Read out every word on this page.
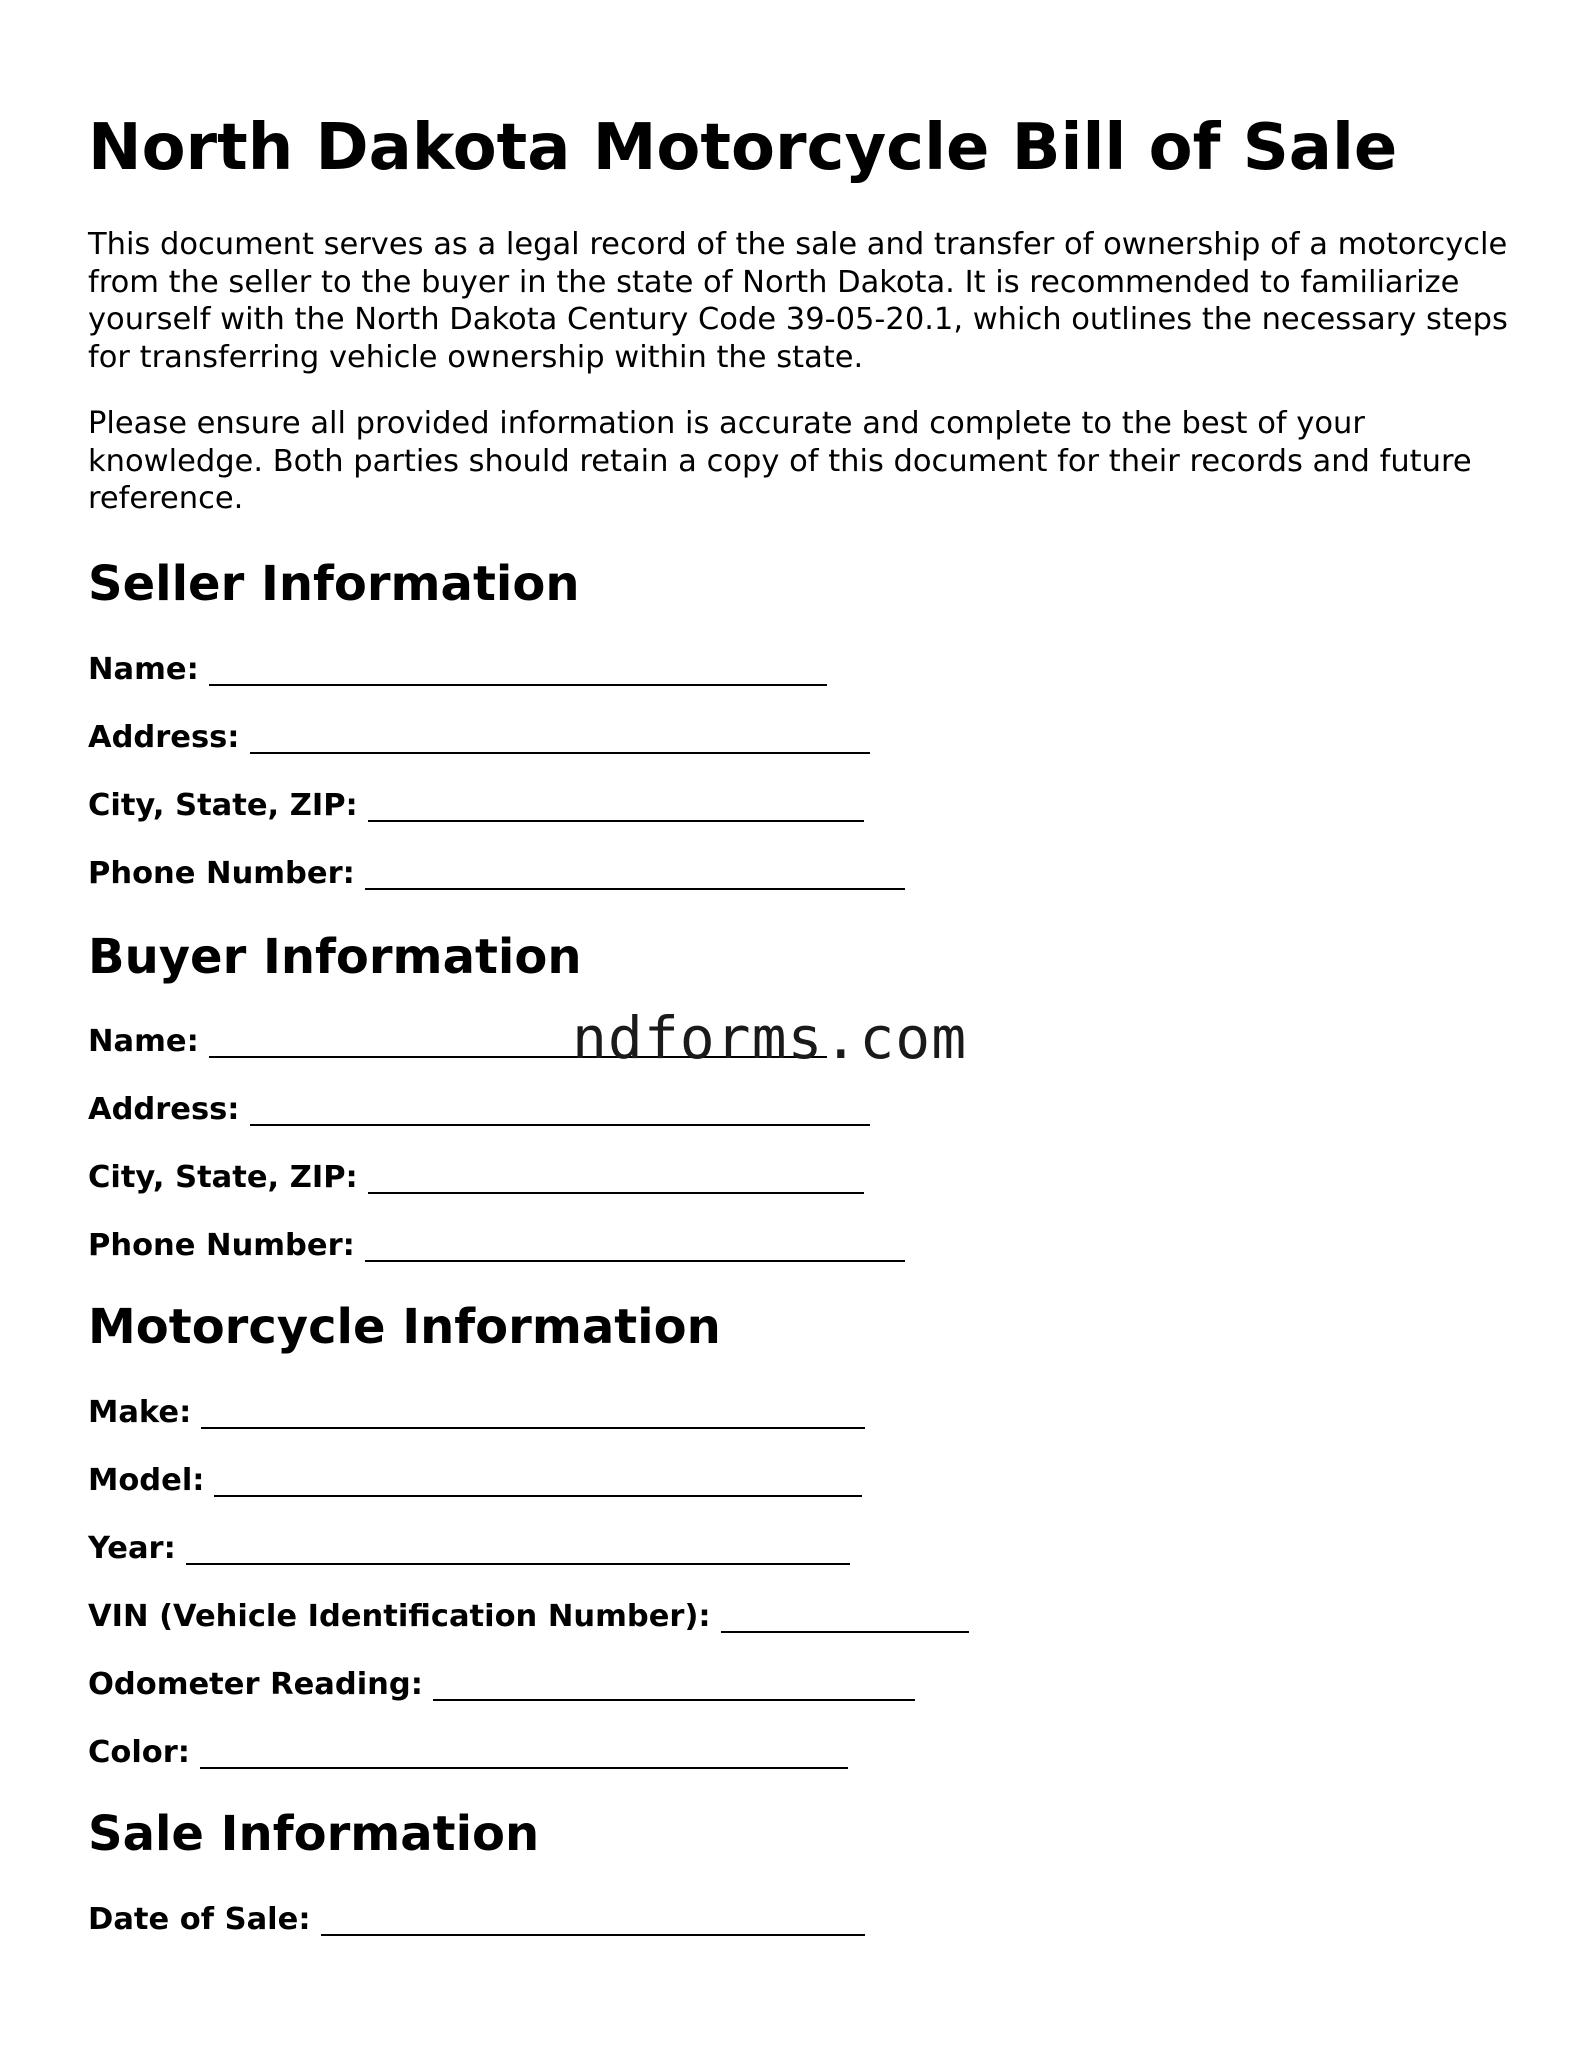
North Dakota Motorcycle Bill of Sale

This document serves as a legal record of the sale and transfer of ownership of a motorcycle from the seller to the buyer in the state of North Dakota. It is recommended to familiarize yourself with the North Dakota Century Code 39-05-20.1, which outlines the necessary steps for transferring vehicle ownership within the state.

Please ensure all provided information is accurate and complete to the best of your knowledge. Both parties should retain a copy of this document for their records and future reference.

Seller Information
Name:
Address:
City, State, ZIP:
Phone Number:
Buyer Information
Name:
Address:
City, State, ZIP:
Phone Number:
Motorcycle Information
Make:
Model:
Year:
VIN (Vehicle Identification Number):
Odometer Reading:
Color:
Sale Information
Date of Sale:
ndforms.com
